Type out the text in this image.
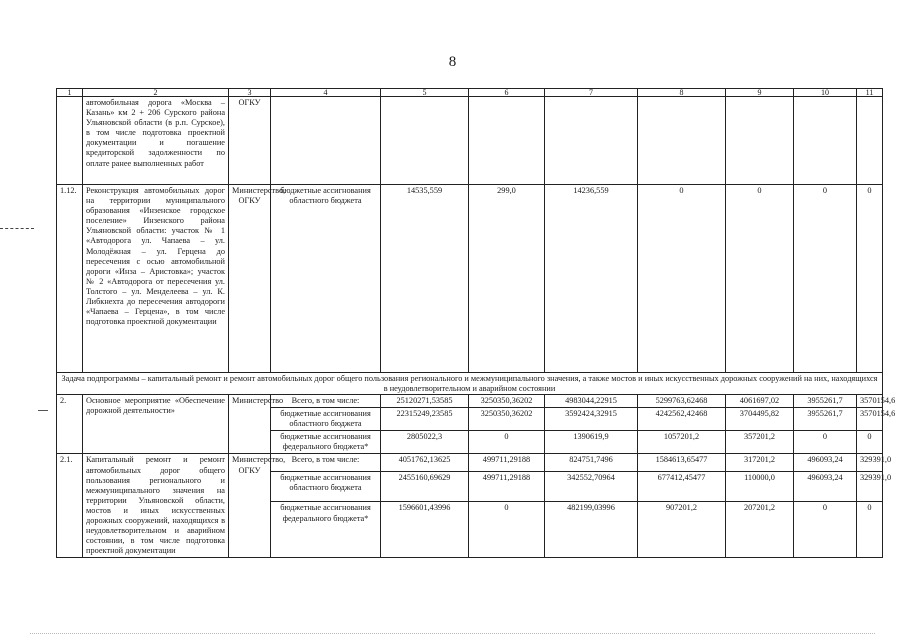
8
1	2	3	4	5	6	7	8	9	10	11
	автомобильная дорога «Москва – Казань» км 2 + 206 Сурского района Ульяновской области (в р.п. Сурское), в том числе подготовка проектной документации и погашение кредиторской задолженности по оплате ранее выполненных работ	ОГКУ								
1.12.	Реконструкция автомобильных дорог на территории муниципального образования «Инзенское городское поселение» Инзенского района Ульяновской области: участок № 1 «Автодорога ул. Чапаева – ул. Молодёжная – ул. Герцена до пересечения с осью автомобильной дороги «Инза – Аристовка»; участок № 2 «Автодорога от пересечения ул. Толстого – ул. Менделеева – ул. К. Либкнехта до пересечения автодороги «Чапаева – Герцена», в том числе подготовка проектной документации	Министерство, ОГКУ	бюджетные ассигнования областного бюджета	14535,559	299,0	14236,559	0	0	0	0
Задача подпрограммы – капитальный ремонт и ремонт автомобильных дорог общего пользования регионального и межмуниципального значения, а также мостов и иных искусственных дорожных сооружений на них, находящихся в неудовлетворительном и аварийном состоянии										
2.	Основное мероприятие «Обеспечение дорожной деятельности»	Министерство	Всего, в том числе:	25120271,53585	3250350,36202	4983044,22915	5299763,62468	4061697,02	3955261,7	3570154,6
			бюджетные ассигнования областного бюджета	22315249,23585	3250350,36202	3592424,32915	4242562,42468	3704495,82	3955261,7	3570154,6
			бюджетные ассигнования федерального бюджета*	2805022,3	0	1390619,9	1057201,2	357201,2	0	0
2.1.	Капитальный ремонт и ремонт автомобильных дорог общего пользования регионального и межмуниципального значения на территории Ульяновской области, мостов и иных искусственных дорожных сооружений, находящихся в неудовлетворительном и аварийном состоянии, в том числе подготовка проектной документации	Министерство, ОГКУ	Всего, в том числе:	4051762,13625	499711,29188	824751,7496	1584613,65477	317201,2	496093,24	329391,0
			бюджетные ассигнования областного бюджета	2455160,69629	499711,29188	342552,70964	677412,45477	110000,0	496093,24	329391,0
			бюджетные ассигнования федерального бюджета*	1596601,43996	0	482199,03996	907201,2	207201,2	0	0
